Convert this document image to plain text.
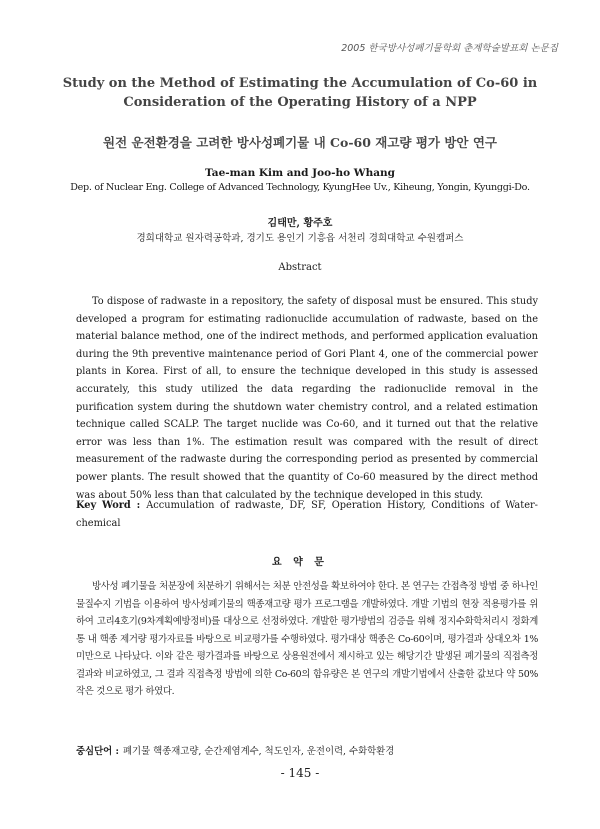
2005 한국방사성폐기물학회 춘계학술발표회 논문집
Study on the Method of Estimating the Accumulation of Co-60 in
Consideration of the Operating History of a NPP
원전 운전환경을 고려한 방사성폐기물 내 Co-60 재고량 평가 방안 연구
Tae-man Kim and Joo-ho Whang
Dep. of Nuclear Eng. College of Advanced Technology, KyungHee Uv., Kiheung, Yongin, Kyunggi-Do.
김태만, 황주호
경희대학교 원자력공학과, 경기도 용인기 기흥읍 서천리 경희대학교 수원캠퍼스
Abstract
To dispose of radwaste in a repository, the safety of disposal must be ensured. This study developed a program for estimating radionuclide accumulation of radwaste, based on the material balance method, one of the indirect methods, and performed application evaluation during the 9th preventive maintenance period of Gori Plant 4, one of the commercial power plants in Korea. First of all, to ensure the technique developed in this study is assessed accurately, this study utilized the data regarding the radionuclide removal in the purification system during the shutdown water chemistry control, and a related estimation technique called SCALP. The target nuclide was Co-60, and it turned out that the relative error was less than 1%. The estimation result was compared with the result of direct measurement of the radwaste during the corresponding period as presented by commercial power plants. The result showed that the quantity of Co-60 measured by the direct method was about 50% less than that calculated by the technique developed in this study.
Key Word : Accumulation of radwaste, DF, SF, Operation History, Conditions of Water-chemical
요 약 문
방사성 폐기물을 처분장에 처분하기 위해서는 처분 안전성을 확보하여야 한다. 본 연구는 간접측정 방법 중 하나인 물질수지 기법을 이용하여 방사성폐기물의 핵종재고량 평가 프로그램을 개발하였다. 개발 기법의 현장 적용평가를 위하여 고리4호기(9차계획예방정비)를 대상으로 선정하였다. 개발한 평가방법의 검증을 위해 정지수화학처리시 정화계통 내 핵종 제거량 평가자료를 바탕으로 비교평가를 수행하였다. 평가대상 핵종은 Co-60이며, 평가결과 상대오차 1%미만으로 나타났다. 이와 같은 평가결과를 바탕으로 상용원전에서 제시하고 있는 해당기간 발생된 폐기물의 직접측정 결과와 비교하였고, 그 결과 직접측정 방법에 의한 Co-60의 함유량은 본 연구의 개발기법에서 산출한 값보다 약 50% 작은 것으로 평가 하였다.
중심단어 : 폐기물 핵종재고량, 순간제염계수, 척도인자, 운전이력, 수화학환경
- 145 -
